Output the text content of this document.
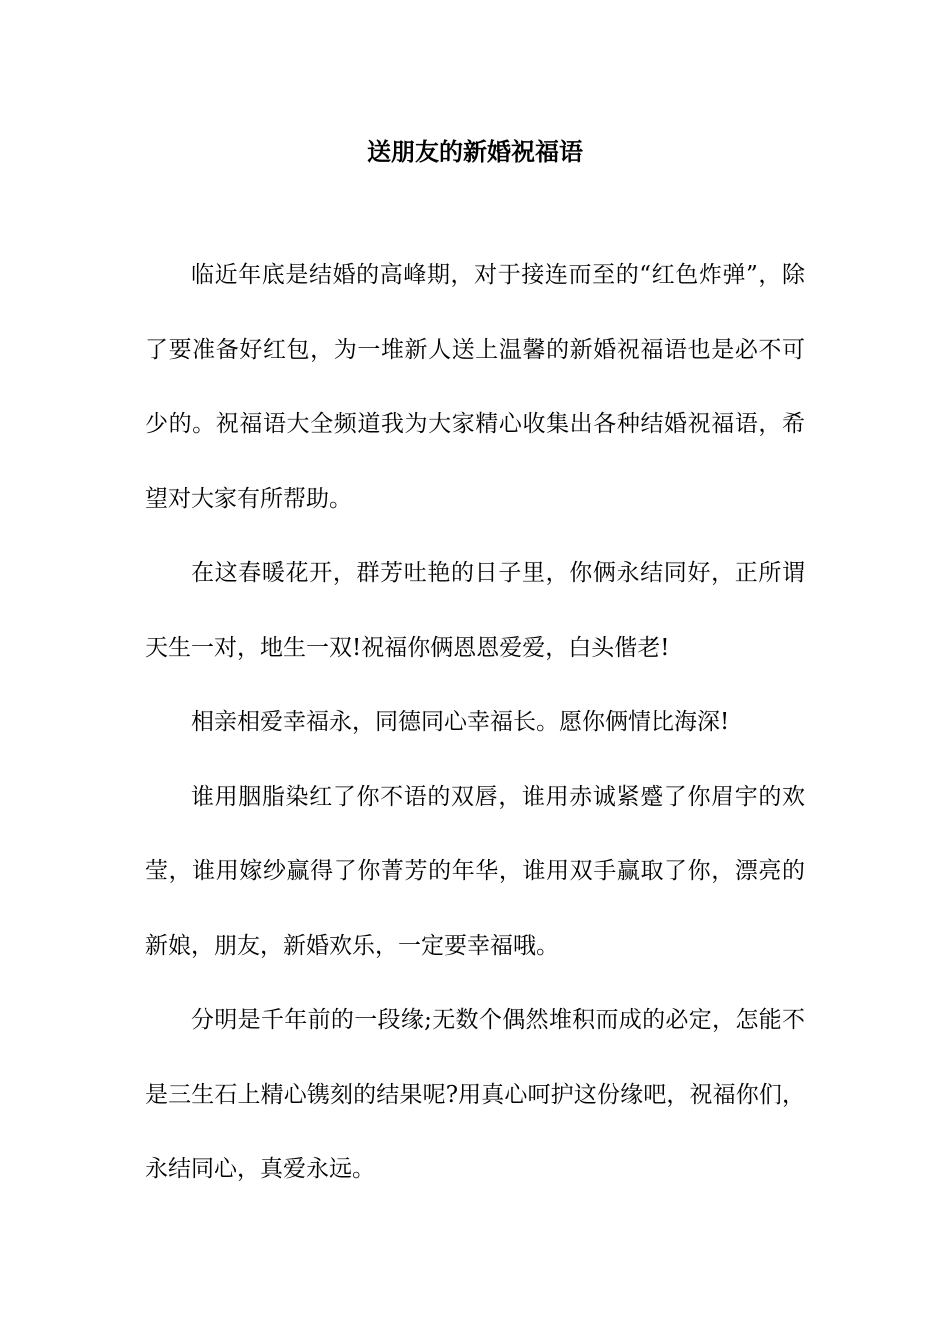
送朋友的新婚祝福语

临近年底是结婚的高峰期，对于接连而至的“红色炸弹”，除了要准备好红包，为一堆新人送上温馨的新婚祝福语也是必不可少的。祝福语大全频道我为大家精心收集出各种结婚祝福语，希望对大家有所帮助。

在这春暖花开，群芳吐艳的日子里，你俩永结同好，正所谓天生一对，地生一双!祝福你俩恩恩爱爱，白头偕老!

相亲相爱幸福永，同德同心幸福长。愿你俩情比海深!

谁用胭脂染红了你不语的双唇，谁用赤诚紧蹙了你眉宇的欢莹，谁用嫁纱赢得了你菁芳的年华，谁用双手赢取了你，漂亮的新娘，朋友，新婚欢乐，一定要幸福哦。

分明是千年前的一段缘;无数个偶然堆积而成的必定，怎能不是三生石上精心镌刻的结果呢?用真心呵护这份缘吧，祝福你们，永结同心，真爱永远。
